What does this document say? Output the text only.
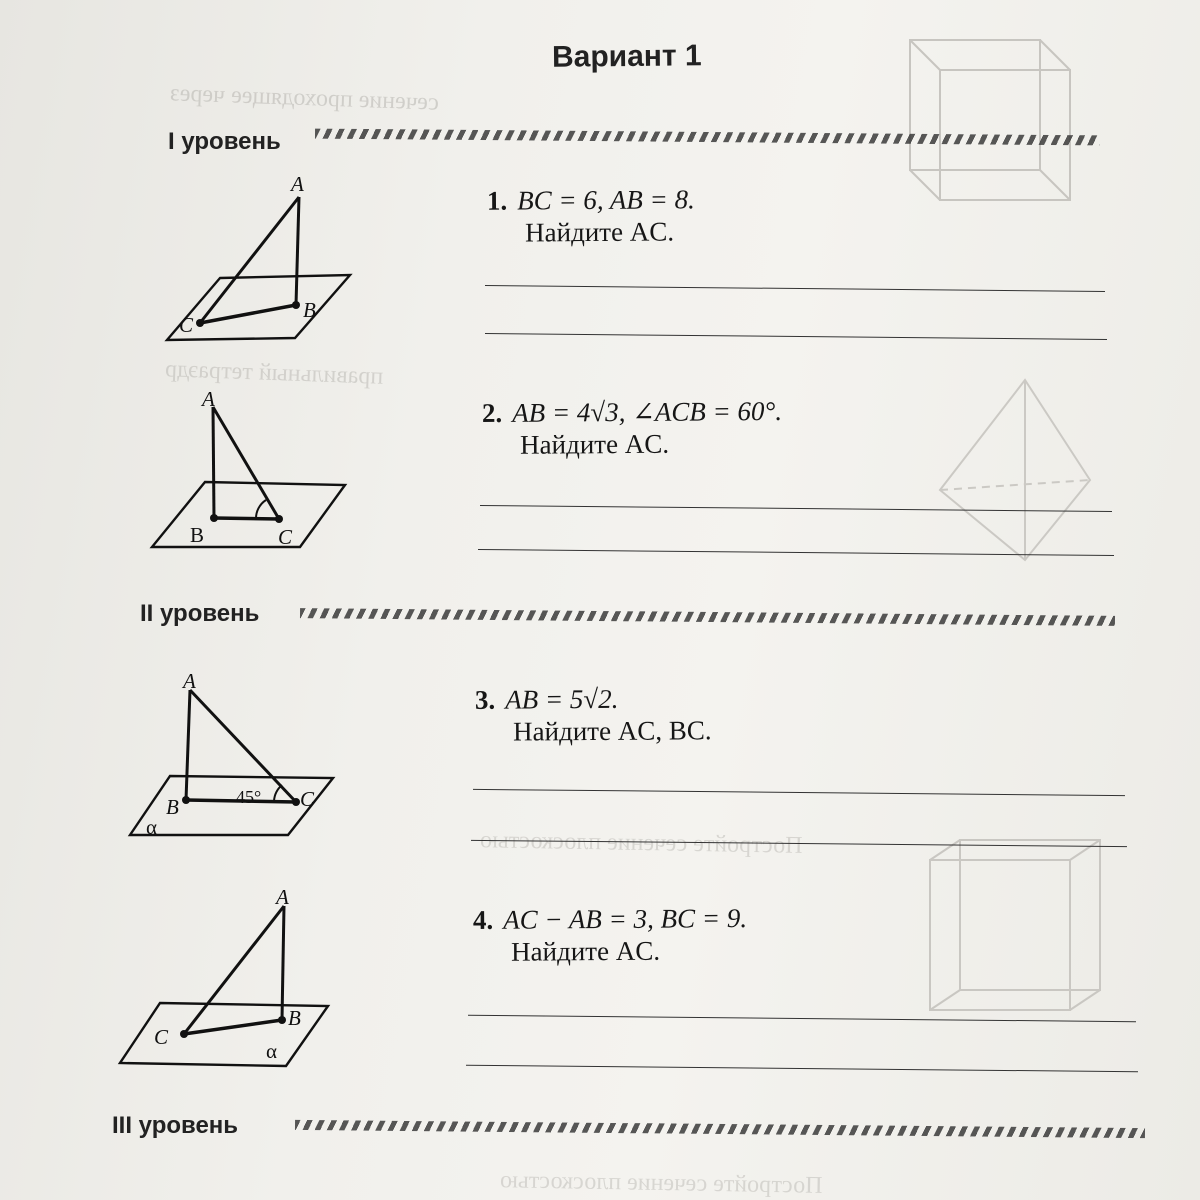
сечение проходящее через
правильный тетраэдр
Постройте сечение плоскостью
Постройте сечение плоскостью
Вариант 1
I уровень
A
B
C
1. BC = 6, AB = 8.
Найдите AC.
A
B	C
2. AB = 4√3, ∠ACB = 60°.
Найдите AC.
II уровень
A
B	C
45°
α
3. AB = 5√2.
Найдите AC, BC.
A
B
C
α
4. AC − AB = 3, BC = 9.
Найдите AC.
III уровень
